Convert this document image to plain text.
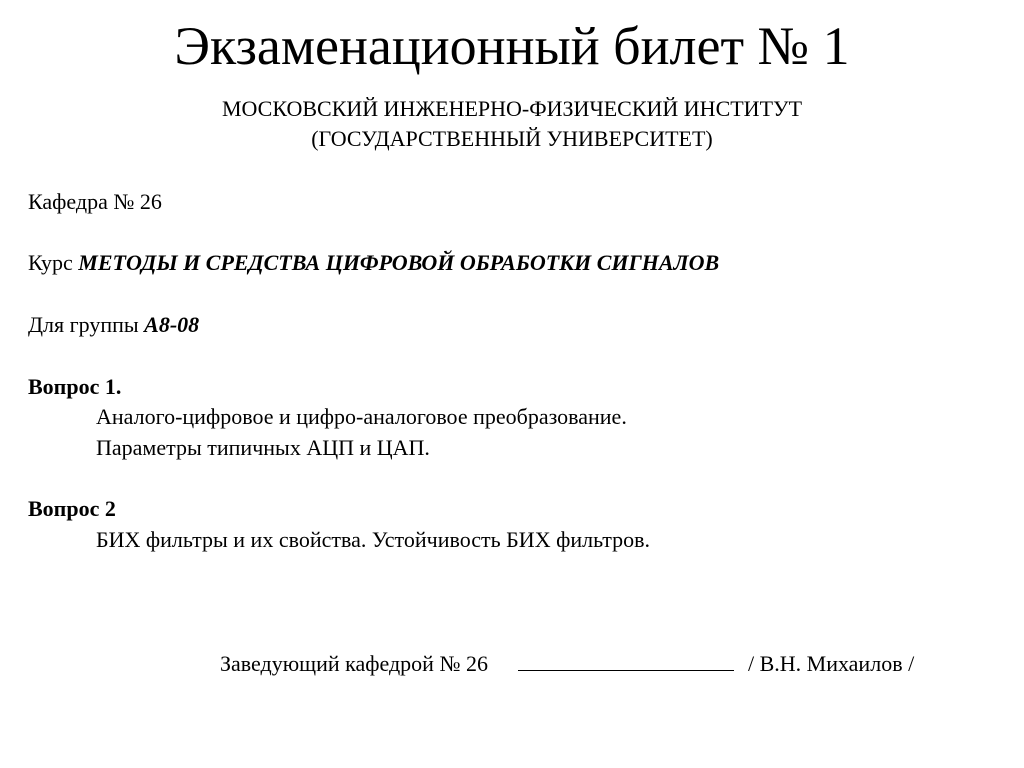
Экзаменационный билет № 1
МОСКОВСКИЙ ИНЖЕНЕРНО-ФИЗИЧЕСКИЙ ИНСТИТУТ
(ГОСУДАРСТВЕННЫЙ УНИВЕРСИТЕТ)
Кафедра № 26
Курс МЕТОДЫ И СРЕДСТВА ЦИФРОВОЙ ОБРАБОТКИ СИГНАЛОВ
Для группы А8-08
Вопрос 1.
Аналого-цифровое и цифро-аналоговое преобразование.
Параметры типичных АЦП и ЦАП.
Вопрос 2
БИХ фильтры и их свойства. Устойчивость БИХ фильтров.
Заведующий кафедрой № 26	/ В.Н. Михаилов /
